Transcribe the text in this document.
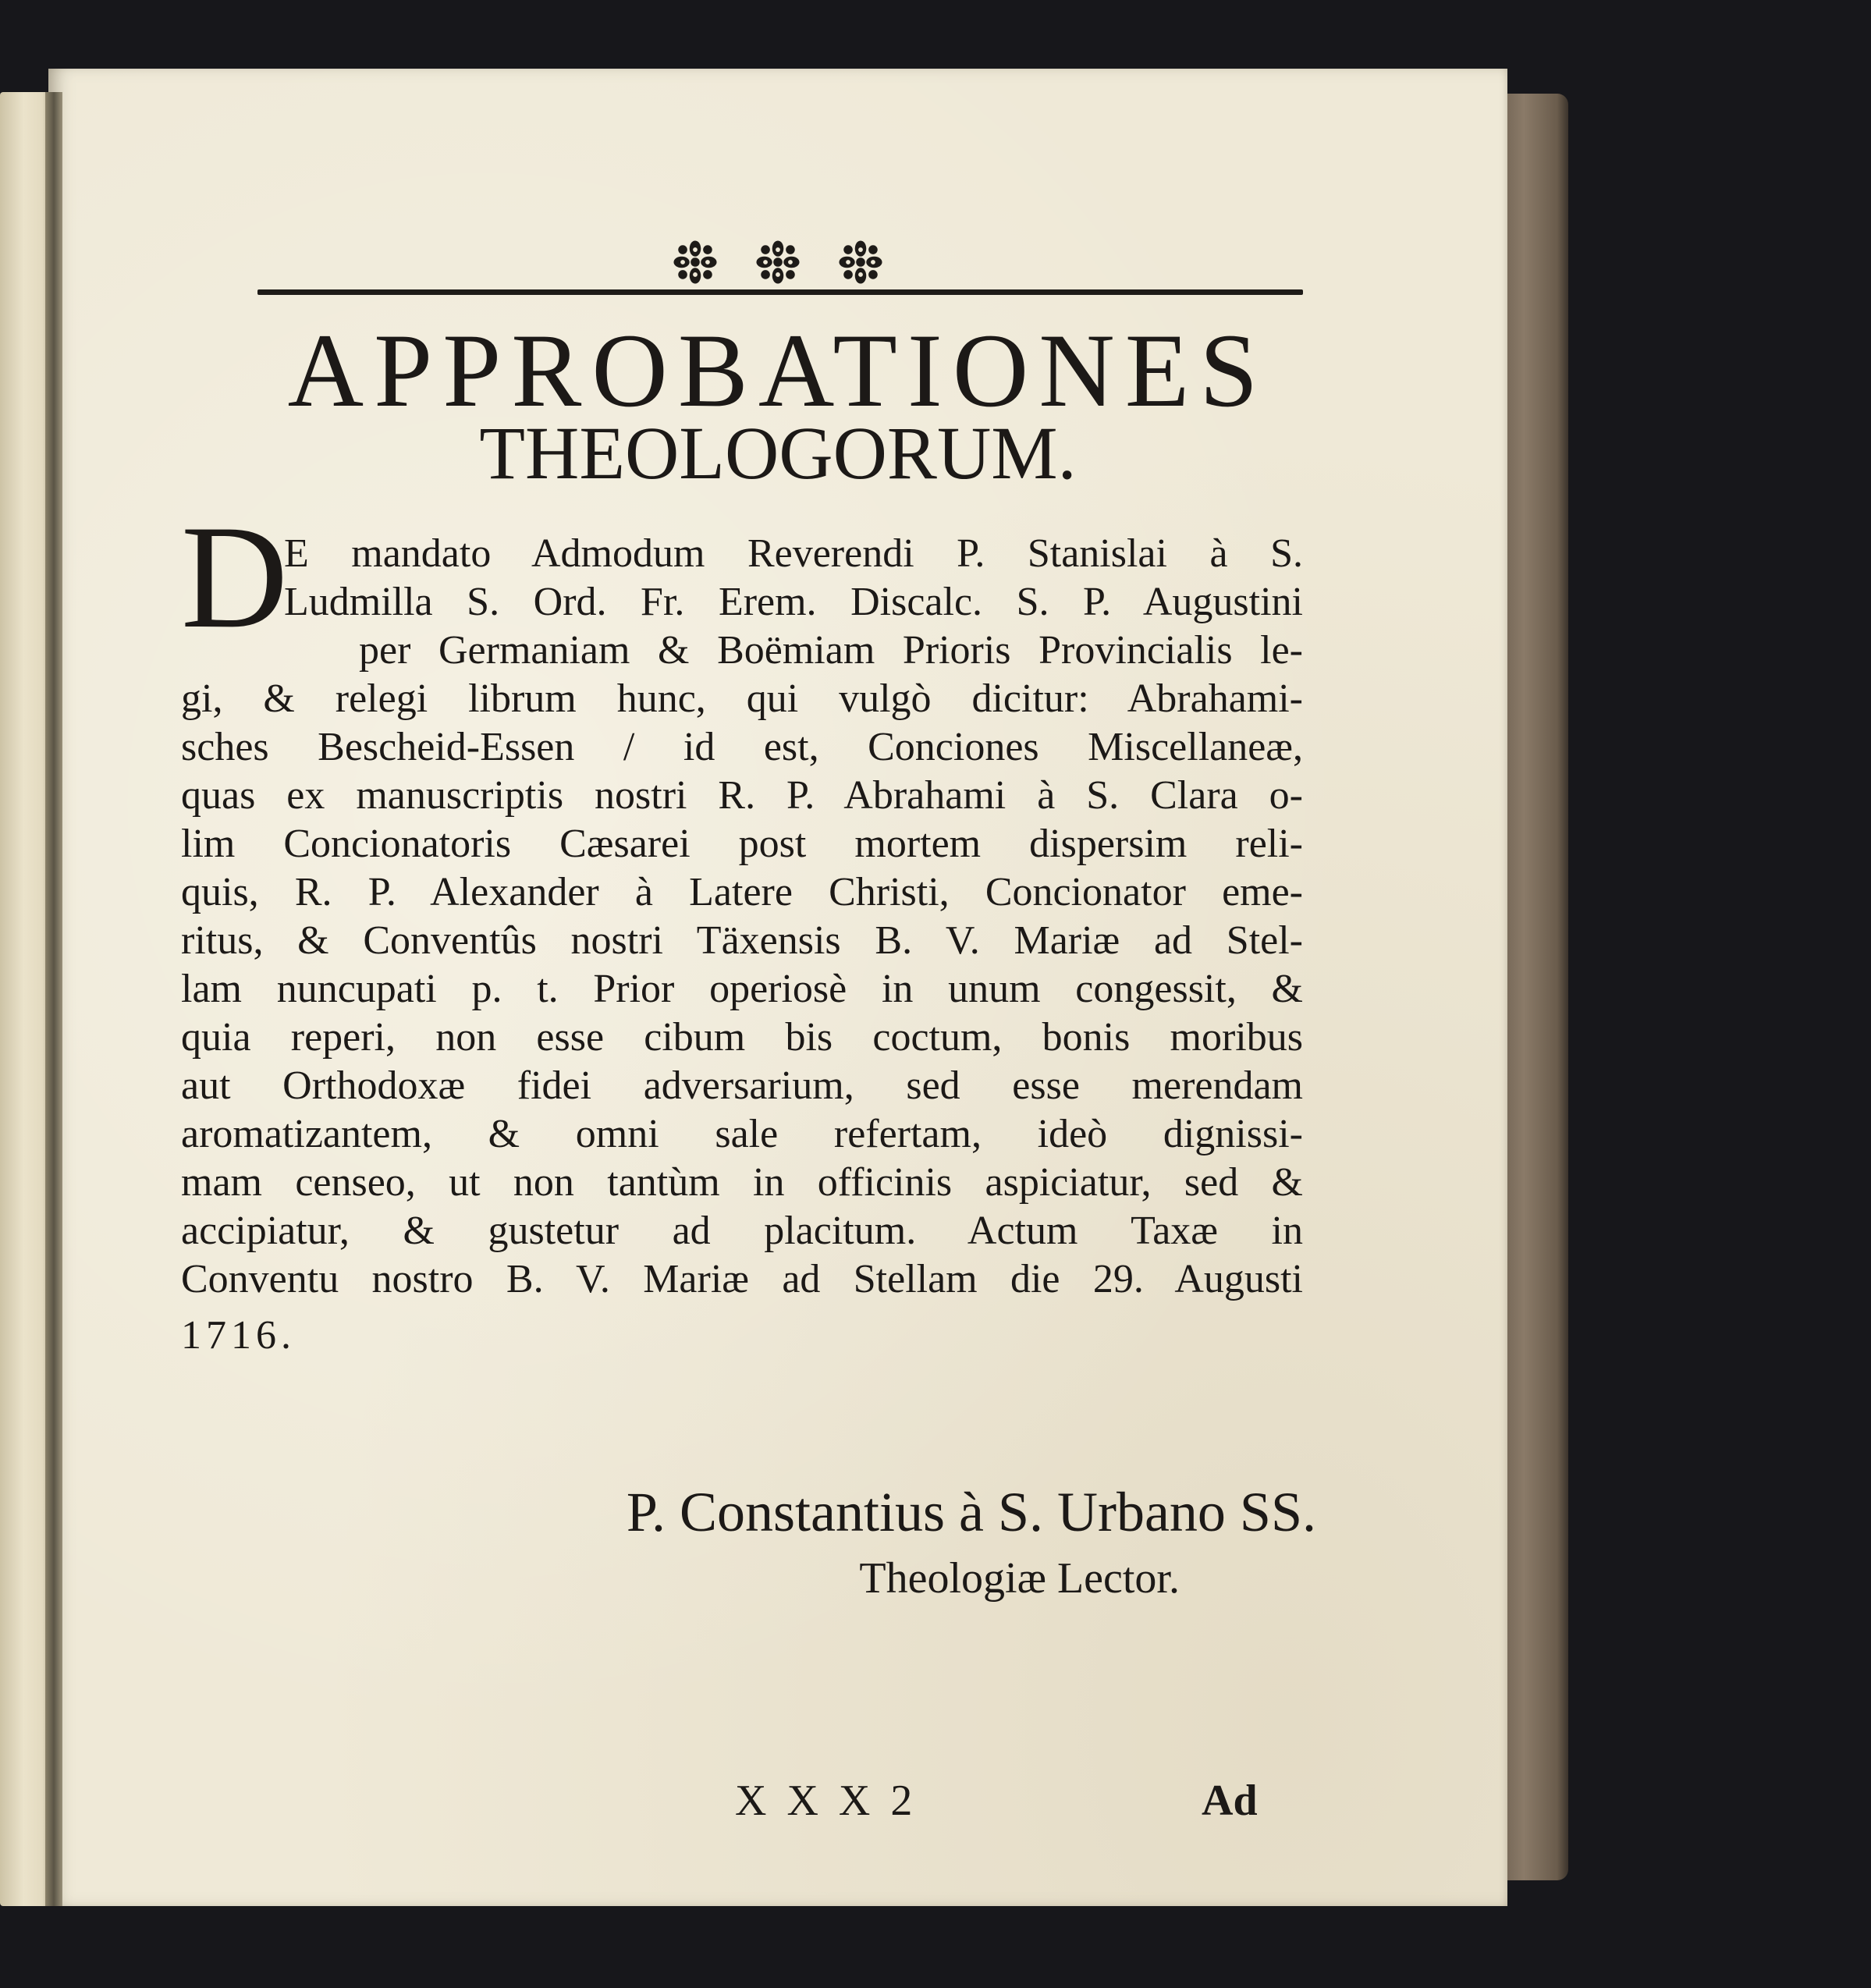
APPROBATIONES
THEOLOGORUM.
D
E mandato Admodum Reverendi P. Stanislai à S.
Ludmilla S. Ord. Fr. Erem. Discalc. S. P. Augustini
per Germaniam & Boëmiam Prioris Provincialis le-
gi, & relegi librum hunc, qui vulgò dicitur: Abrahami-
sches Bescheid-Essen / id est, Conciones Miscellaneæ,
quas ex manuscriptis nostri R. P. Abrahami à S. Clara o-
lim Concionatoris Cæsarei post mortem dispersim reli-
quis, R. P. Alexander à Latere Christi, Concionator eme-
ritus, & Conventûs nostri Täxensis B. V. Mariæ ad Stel-
lam nuncupati p. t. Prior operiosè in unum congessit, &
quia reperi, non esse cibum bis coctum, bonis moribus
aut Orthodoxæ fidei adversarium, sed esse merendam
aromatizantem, & omni sale refertam, ideò dignissi-
mam censeo, ut non tantùm in officinis aspiciatur, sed &
accipiatur, & gustetur ad placitum. Actum Taxæ in
Conventu nostro B. V. Mariæ ad Stellam die 29. Augusti
1716.
P. Constantius à S. Urbano SS.
Theologiæ Lector.
X X X 2	Ad
